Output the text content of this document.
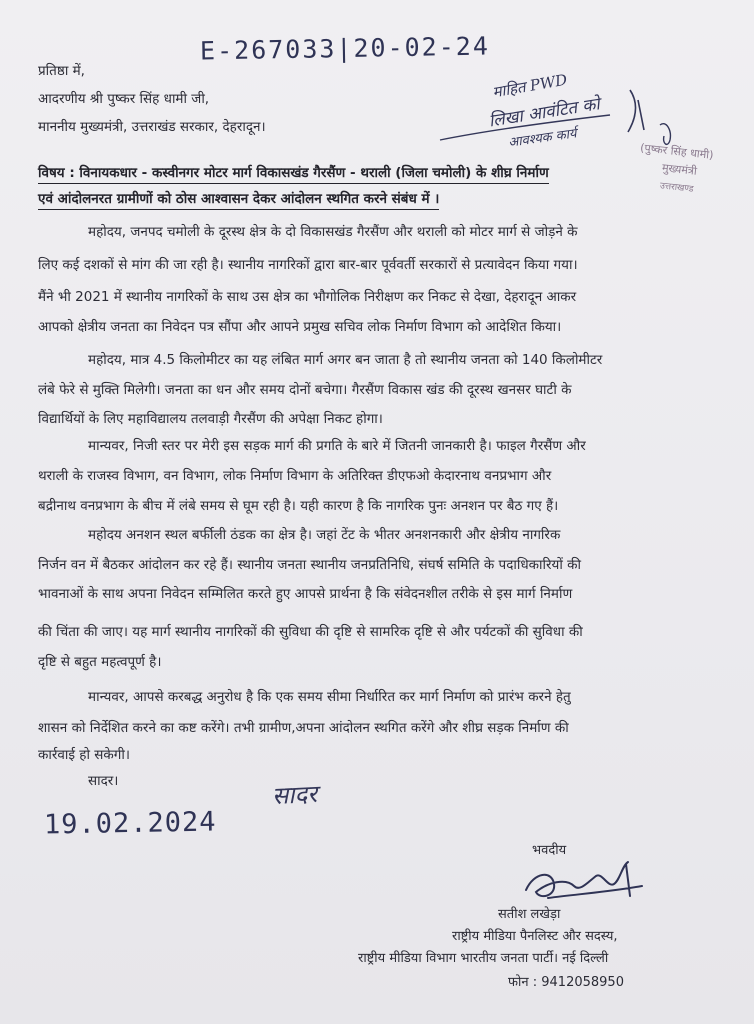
E-267033|20-02-24
माहित PWD
लिखा आवंटित को
आवश्यक कार्य
(पुष्कर सिंह धामी)
मुख्यमंत्री
उत्तराखण्ड
प्रतिष्ठा में,
आदरणीय श्री पुष्कर सिंह धामी जी,
माननीय मुख्यमंत्री, उत्तराखंड सरकार, देहरादून।
विषय : विनायकधार - कस्वीनगर मोटर मार्ग विकासखंड गैरसैंण - थराली (जिला चमोली) के शीघ्र निर्माण
एवं आंदोलनरत ग्रामीणों को ठोस आश्वासन देकर आंदोलन स्थगित करने संबंध में ।
महोदय, जनपद चमोली के दूरस्थ क्षेत्र के दो विकासखंड गैरसैंण और थराली को मोटर मार्ग से जोड़ने के
लिए कई दशकों से मांग की जा रही है। स्थानीय नागरिकों द्वारा बार-बार पूर्ववर्ती सरकारों से प्रत्यावेदन किया गया।
मैंने भी 2021 में स्थानीय नागरिकों के साथ उस क्षेत्र का भौगोलिक निरीक्षण कर निकट से देखा, देहरादून आकर
आपको क्षेत्रीय जनता का निवेदन पत्र सौंपा और आपने प्रमुख सचिव लोक निर्माण विभाग को आदेशित किया।
महोदय, मात्र 4.5 किलोमीटर का यह लंबित मार्ग अगर बन जाता है तो स्थानीय जनता को 140 किलोमीटर
लंबे फेरे से मुक्ति मिलेगी। जनता का धन और समय दोनों बचेगा। गैरसैंण विकास खंड की दूरस्थ खनसर घाटी के
विद्यार्थियों के लिए महाविद्यालय तलवाड़ी गैरसैंण की अपेक्षा निकट होगा।
मान्यवर, निजी स्तर पर मेरी इस सड़क मार्ग की प्रगति के बारे में जितनी जानकारी है। फाइल गैरसैंण और
थराली के राजस्व विभाग, वन विभाग, लोक निर्माण विभाग के अतिरिक्त डीएफओ केदारनाथ वनप्रभाग और
बद्रीनाथ वनप्रभाग के बीच में लंबे समय से घूम रही है। यही कारण है कि नागरिक पुनः अनशन पर बैठ गए हैं।
महोदय अनशन स्थल बर्फीली ठंडक का क्षेत्र है। जहां टेंट के भीतर अनशनकारी और क्षेत्रीय नागरिक
निर्जन वन में बैठकर आंदोलन कर रहे हैं। स्थानीय जनता स्थानीय जनप्रतिनिधि, संघर्ष समिति के पदाधिकारियों की
भावनाओं के साथ अपना निवेदन सम्मिलित करते हुए आपसे प्रार्थना है कि संवेदनशील तरीके से इस मार्ग निर्माण
की चिंता की जाए। यह मार्ग स्थानीय नागरिकों की सुविधा की दृष्टि से सामरिक दृष्टि से और पर्यटकों की सुविधा की
दृष्टि से बहुत महत्वपूर्ण है।
मान्यवर, आपसे करबद्ध अनुरोध है कि एक समय सीमा निर्धारित कर मार्ग निर्माण को प्रारंभ करने हेतु
शासन को निर्देशित करने का कष्ट करेंगे। तभी ग्रामीण,अपना आंदोलन स्थगित करेंगे और शीघ्र सड़क निर्माण की
कार्रवाई हो सकेगी।
सादर।	सादर
19.02.2024
भवदीय
सतीश लखेड़ा
राष्ट्रीय मीडिया पैनलिस्ट और सदस्य,
राष्ट्रीय मीडिया विभाग भारतीय जनता पार्टी। नई दिल्ली
फोन : 9412058950
